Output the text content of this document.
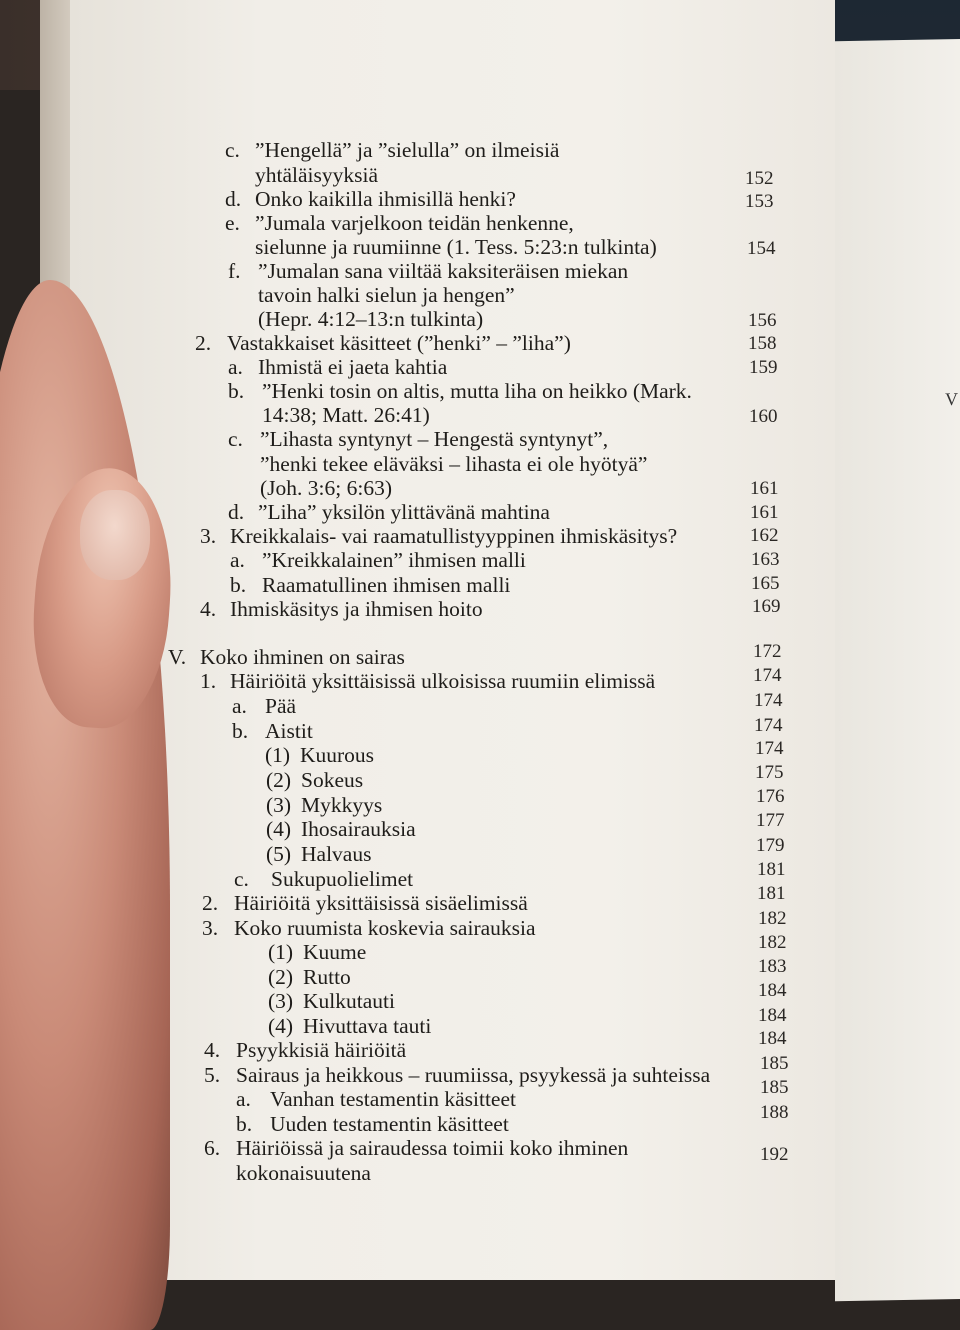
V
c. ”Hengellä” ja ”sielulla” on ilmeisiä
yhtäläisyyksiä	152
d. Onko kaikilla ihmisillä henki?	153
e. ”Jumala varjelkoon teidän henkenne,
sielunne ja ruumiinne (1. Tess. 5:23:n tulkinta)	154
f. ”Jumalan sana viiltää kaksiteräisen miekan
tavoin halki sielun ja hengen”
(Hepr. 4:12–13:n tulkinta)	156
2. Vastakkaiset käsitteet (”henki” – ”liha”)	158
a. Ihmistä ei jaeta kahtia	159
b. ”Henki tosin on altis, mutta liha on heikko (Mark.
14:38; Matt. 26:41)	160
c. ”Lihasta syntynyt – Hengestä syntynyt”,
”henki tekee eläväksi – lihasta ei ole hyötyä”
(Joh. 3:6; 6:63)	161
d. ”Liha” yksilön ylittävänä mahtina	161
3. Kreikkalais- vai raamatullistyyppinen ihmiskäsitys?	162
a. ”Kreikkalainen” ihmisen malli	163
b. Raamatullinen ihmisen malli	165
4. Ihmiskäsitys ja ihmisen hoito	169
V. Koko ihminen on sairas	172
1. Häiriöitä yksittäisissä ulkoisissa ruumiin elimissä	174
a. Pää	174
b. Aistit	174
(1) Kuurous	174
(2) Sokeus	175
(3) Mykkyys	176
(4) Ihosairauksia	177
(5) Halvaus	179
c. Sukupuolielimet	181
2. Häiriöitä yksittäisissä sisäelimissä	181
3. Koko ruumista koskevia sairauksia	182
(1) Kuume	182
(2) Rutto	183
(3) Kulkutauti	184
(4) Hivuttava tauti	184
4. Psyykkisiä häiriöitä	184
5. Sairaus ja heikkous – ruumiissa, psyykessä ja suhteissa	185
a. Vanhan testamentin käsitteet	185
b. Uuden testamentin käsitteet	188
6. Häiriöissä ja sairaudessa toimii koko ihminen	192
kokonaisuutena
